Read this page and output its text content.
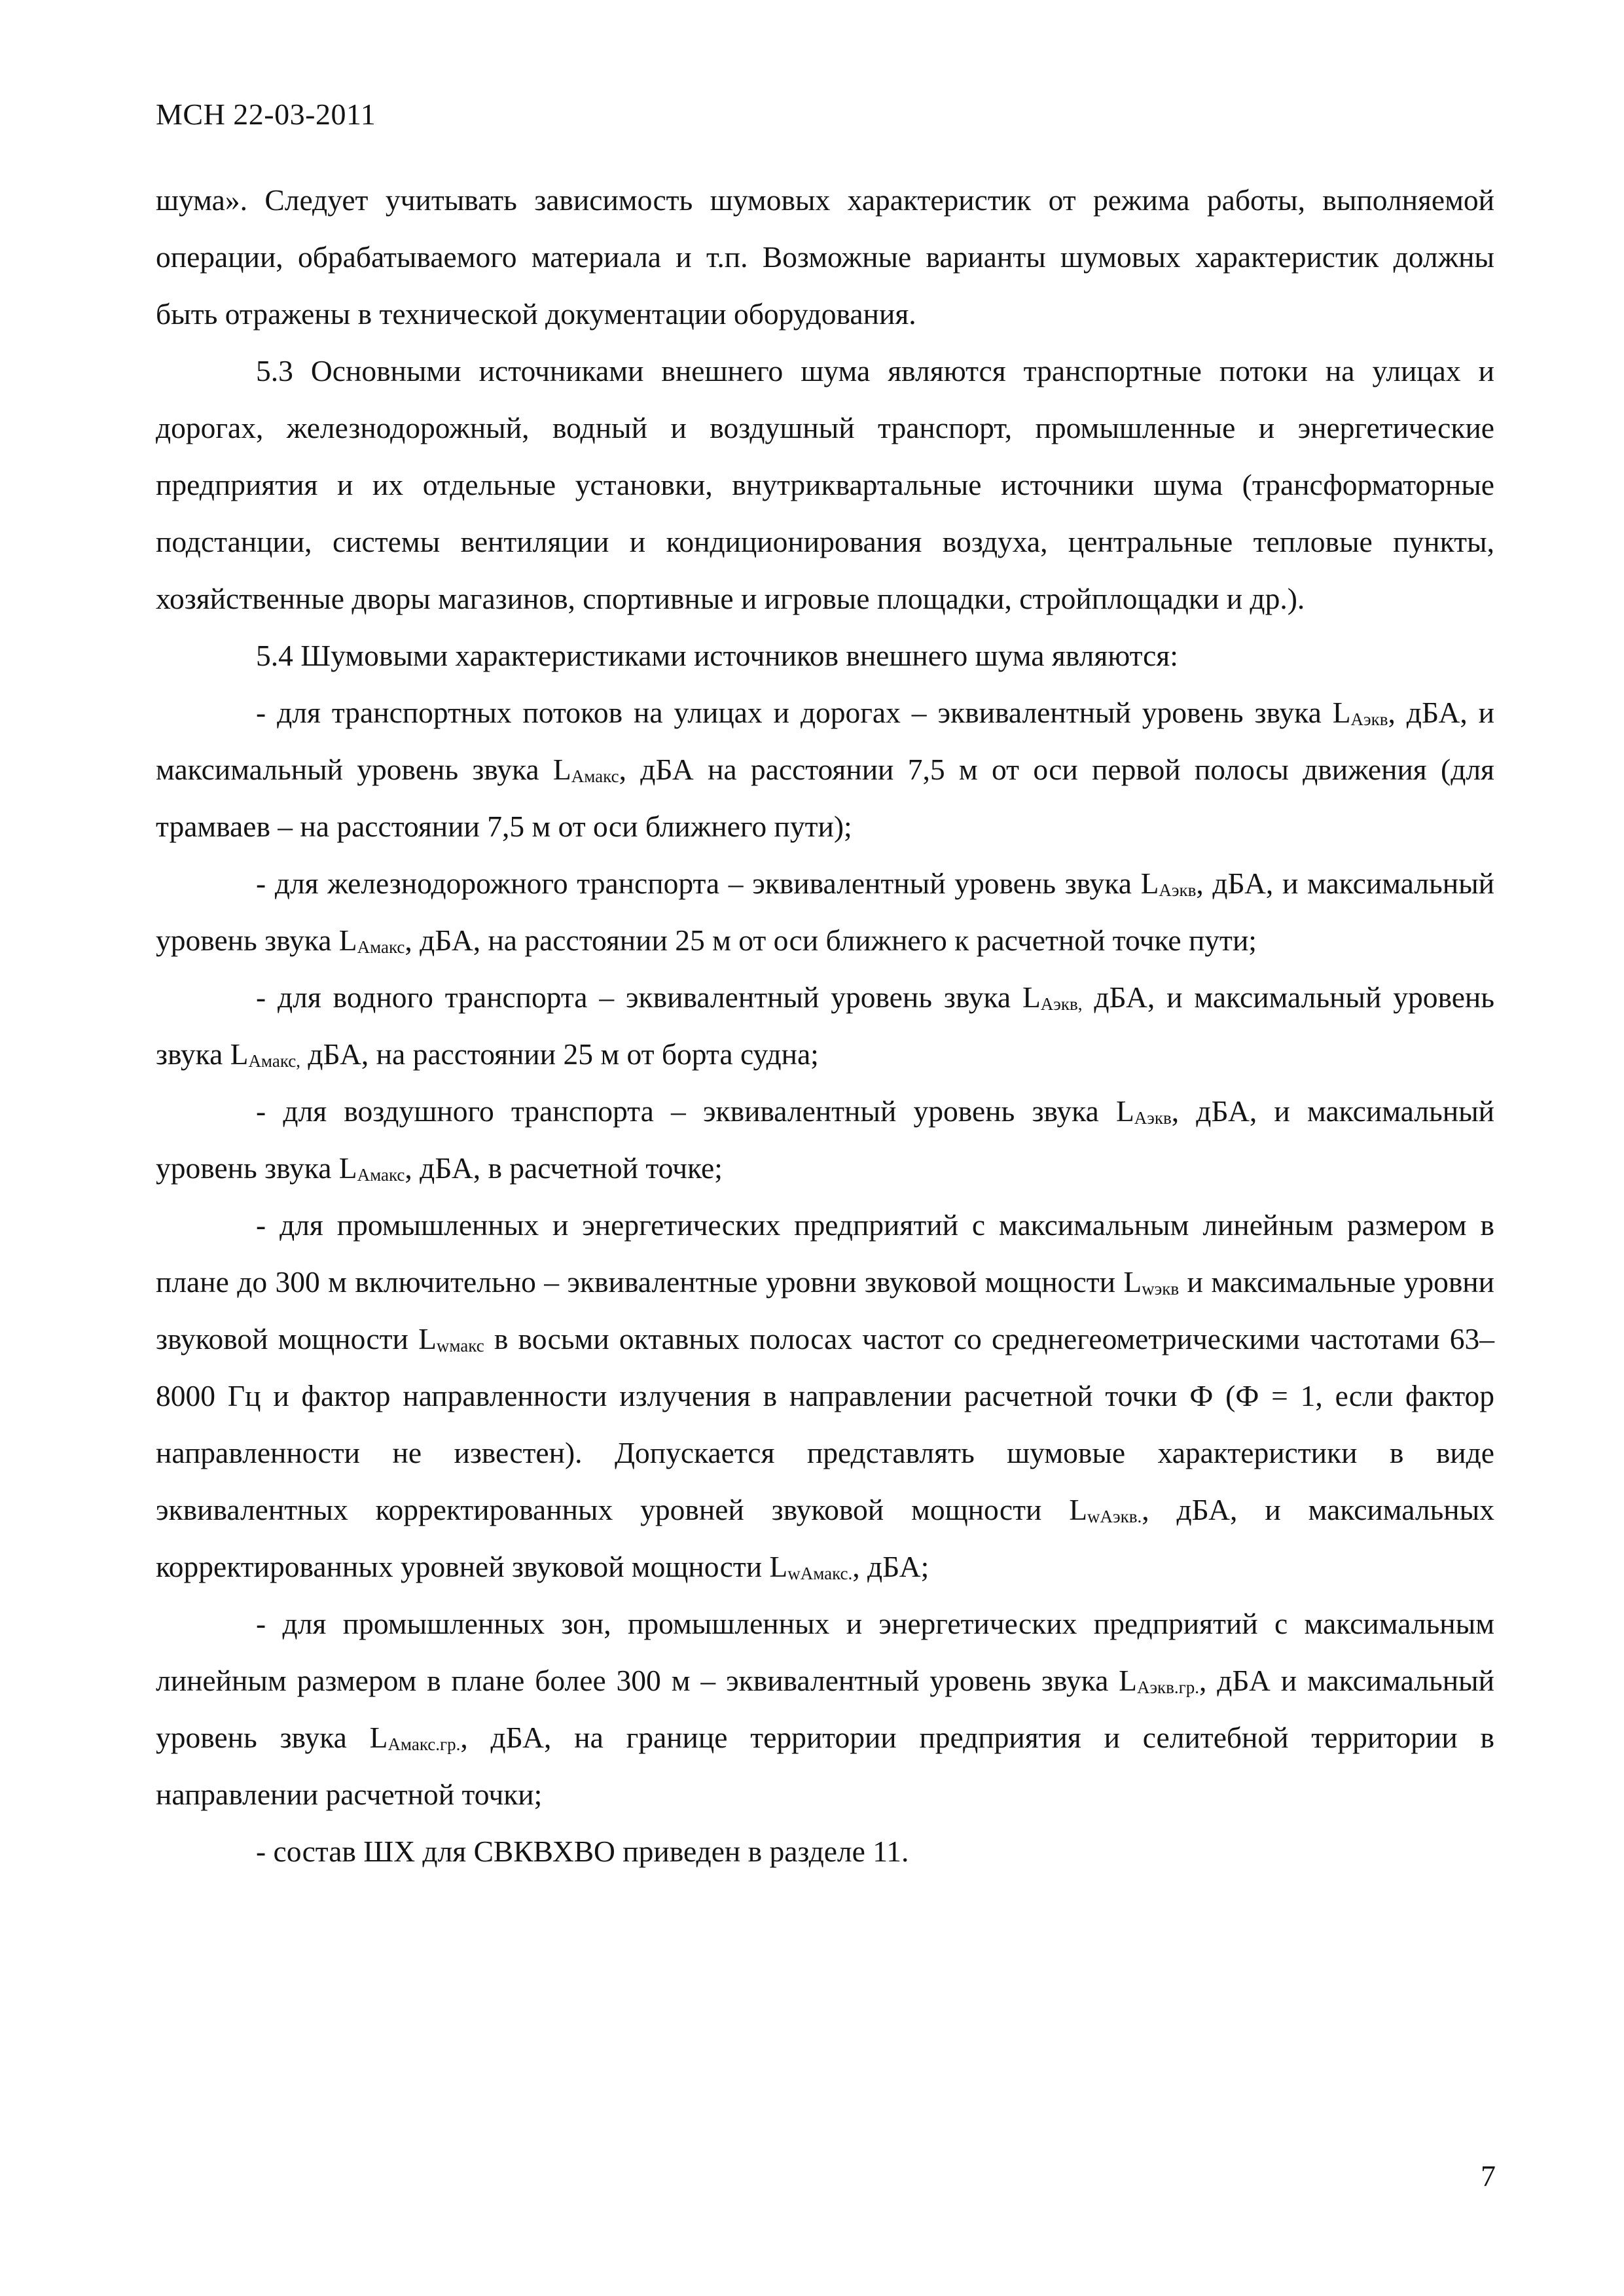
МСН 22-03-2011

шума». Следует учитывать зависимость шумовых характеристик от режима работы, выполняемой операции, обрабатываемого материала и т.п. Возможные варианты шумовых характеристик должны быть отражены в технической документации оборудования.

5.3 Основными источниками внешнего шума являются транспортные потоки на улицах и дорогах, железнодорожный, водный и воздушный транспорт, промышленные и энергетические предприятия и их отдельные установки, внутриквартальные источники шума (трансформаторные подстанции, системы вентиляции и кондиционирования воздуха, центральные тепловые пункты, хозяйственные дворы магазинов, спортивные и игровые площадки, стройплощадки и др.).

5.4 Шумовыми характеристиками источников внешнего шума являются:

- для транспортных потоков на улицах и дорогах – эквивалентный уровень звука LАэкв, дБА, и максимальный уровень звука LАмакс, дБА на расстоянии 7,5 м от оси первой полосы движения (для трамваев – на расстоянии 7,5 м от оси ближнего пути);

- для железнодорожного транспорта – эквивалентный уровень звука LАэкв, дБА, и максимальный уровень звука LАмакс, дБА, на расстоянии 25 м от оси ближнего к расчетной точке пути;

- для водного транспорта – эквивалентный уровень звука LАэкв, дБА, и максимальный уровень звука LАмакс, дБА, на расстоянии 25 м от борта судна;

- для воздушного транспорта – эквивалентный уровень звука LАэкв, дБА, и максимальный уровень звука LАмакс, дБА, в расчетной точке;

- для промышленных и энергетических предприятий с максимальным линейным размером в плане до 300 м включительно – эквивалентные уровни звуковой мощности Lwэкв и максимальные уровни звуковой мощности Lwмакс в восьми октавных полосах частот со среднегеометрическими частотами 63–8000 Гц и фактор направленности излучения в направлении расчетной точки Ф (Ф = 1, если фактор направленности не известен). Допускается представлять шумовые характеристики в виде эквивалентных корректированных уровней звуковой мощности LwАэкв., дБА, и максимальных корректированных уровней звуковой мощности LwАмакс., дБА;

- для промышленных зон, промышленных и энергетических предприятий с максимальным линейным размером в плане более 300 м – эквивалентный уровень звука LАэкв.гр., дБА и максимальный уровень звука LАмакс.гр., дБА, на границе территории предприятия и селитебной территории в направлении расчетной точки;

- состав ШХ для СВКВХВО приведен в разделе 11.

7
